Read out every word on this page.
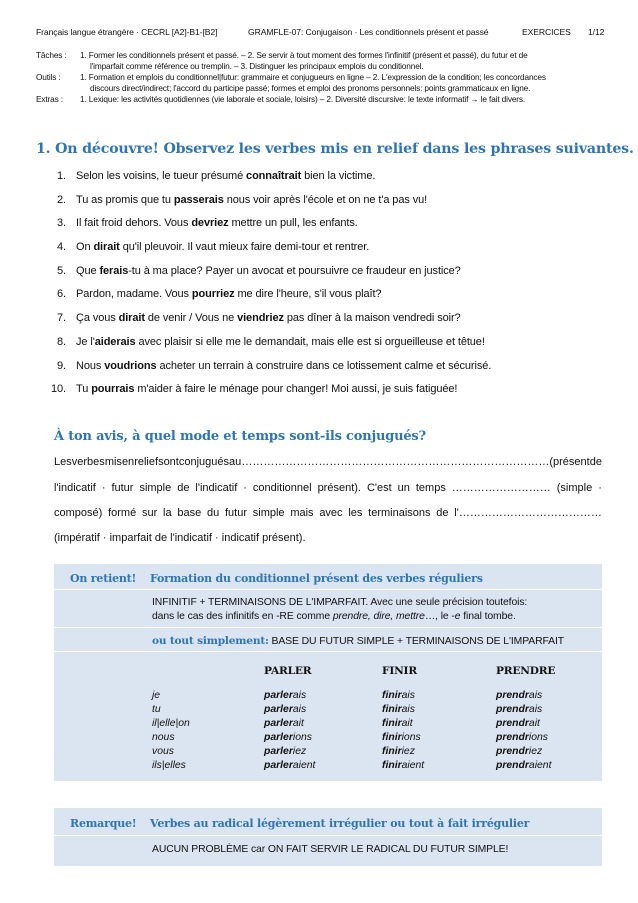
Français langue étrangère · CECRL [A2]-B1-[B2]	GRAMFLE-07: Conjugaison · Les conditionnels présent et passé	EXERCICES 1/12
Tâches : 1. Former les conditionnels présent et passé. – 2. Se servir à tout moment des formes l'infinitif (présent et passé), du futur et de
l'imparfait comme référence ou tremplin. – 3. Distinguer les principaux emplois du conditionnel.
Outils : 1. Formation et emplois du conditionnel|futur: grammaire et conjugueurs en ligne – 2. L'expression de la condition; les concordances
discours direct/indirect; l'accord du participe passé; formes et emploi des pronoms personnels: points grammaticaux en ligne.
Extras : 1. Lexique: les activités quotidiennes (vie laborale et sociale, loisirs) – 2. Diversité discursive: le texte informatif → le fait divers.
1. On découvre! Observez les verbes mis en relief dans les phrases suivantes.
1. Selon les voisins, le tueur présumé connaîtrait bien la victime.
2. Tu as promis que tu passerais nous voir après l'école et on ne t'a pas vu!
3. Il fait froid dehors. Vous devriez mettre un pull, les enfants.
4. On dirait qu'il pleuvoir. Il vaut mieux faire demi-tour et rentrer.
5. Que ferais-tu à ma place? Payer un avocat et poursuivre ce fraudeur en justice?
6. Pardon, madame. Vous pourriez me dire l'heure, s'il vous plaît?
7. Ça vous dirait de venir / Vous ne viendriez pas dîner à la maison vendredi soir?
8. Je l'aiderais avec plaisir si elle me le demandait, mais elle est si orgueilleuse et têtue!
9. Nous voudrions acheter un terrain à construire dans ce lotissement calme et sécurisé.
10. Tu pourrais m'aider à faire le ménage pour changer! Moi aussi, je suis fatiguée!
À ton avis, à quel mode et temps sont-ils conjugués?
Les verbes mis en relief sont conjugués au ………………………………………………………………………… (présent de
l'indicatif · futur simple de l'indicatif · conditionnel présent). C'est un temps ……………………… (simple ·
composé) formé sur la base du futur simple mais avec les terminaisons de l'…………………………………
(impératif · imparfait de l'indicatif · indicatif présent).
On retient! Formation du conditionnel présent des verbes réguliers
INFINITIF + TERMINAISONS DE L'IMPARFAIT. Avec une seule précision toutefois:
dans le cas des infinitifs en -RE comme prendre, dire, mettre…, le -e final tombe.
ou tout simplement: BASE DU FUTUR SIMPLE + TERMINAISONS DE L'IMPARFAIT
PARLER	FINIR	PRENDRE
je	parlerais	finirais	prendrais
tu	parlerais	finirais	prendrais
il|elle|on	parlerait	finirait	prendrait
nous	parlerions	finirions	prendrions
vous	parleriez	finiriez	prendriez
ils|elles	parleraient	finiraient	prendraient
Remarque! Verbes au radical légèrement irrégulier ou tout à fait irrégulier
AUCUN PROBLÈME car ON FAIT SERVIR LE RADICAL DU FUTUR SIMPLE!
